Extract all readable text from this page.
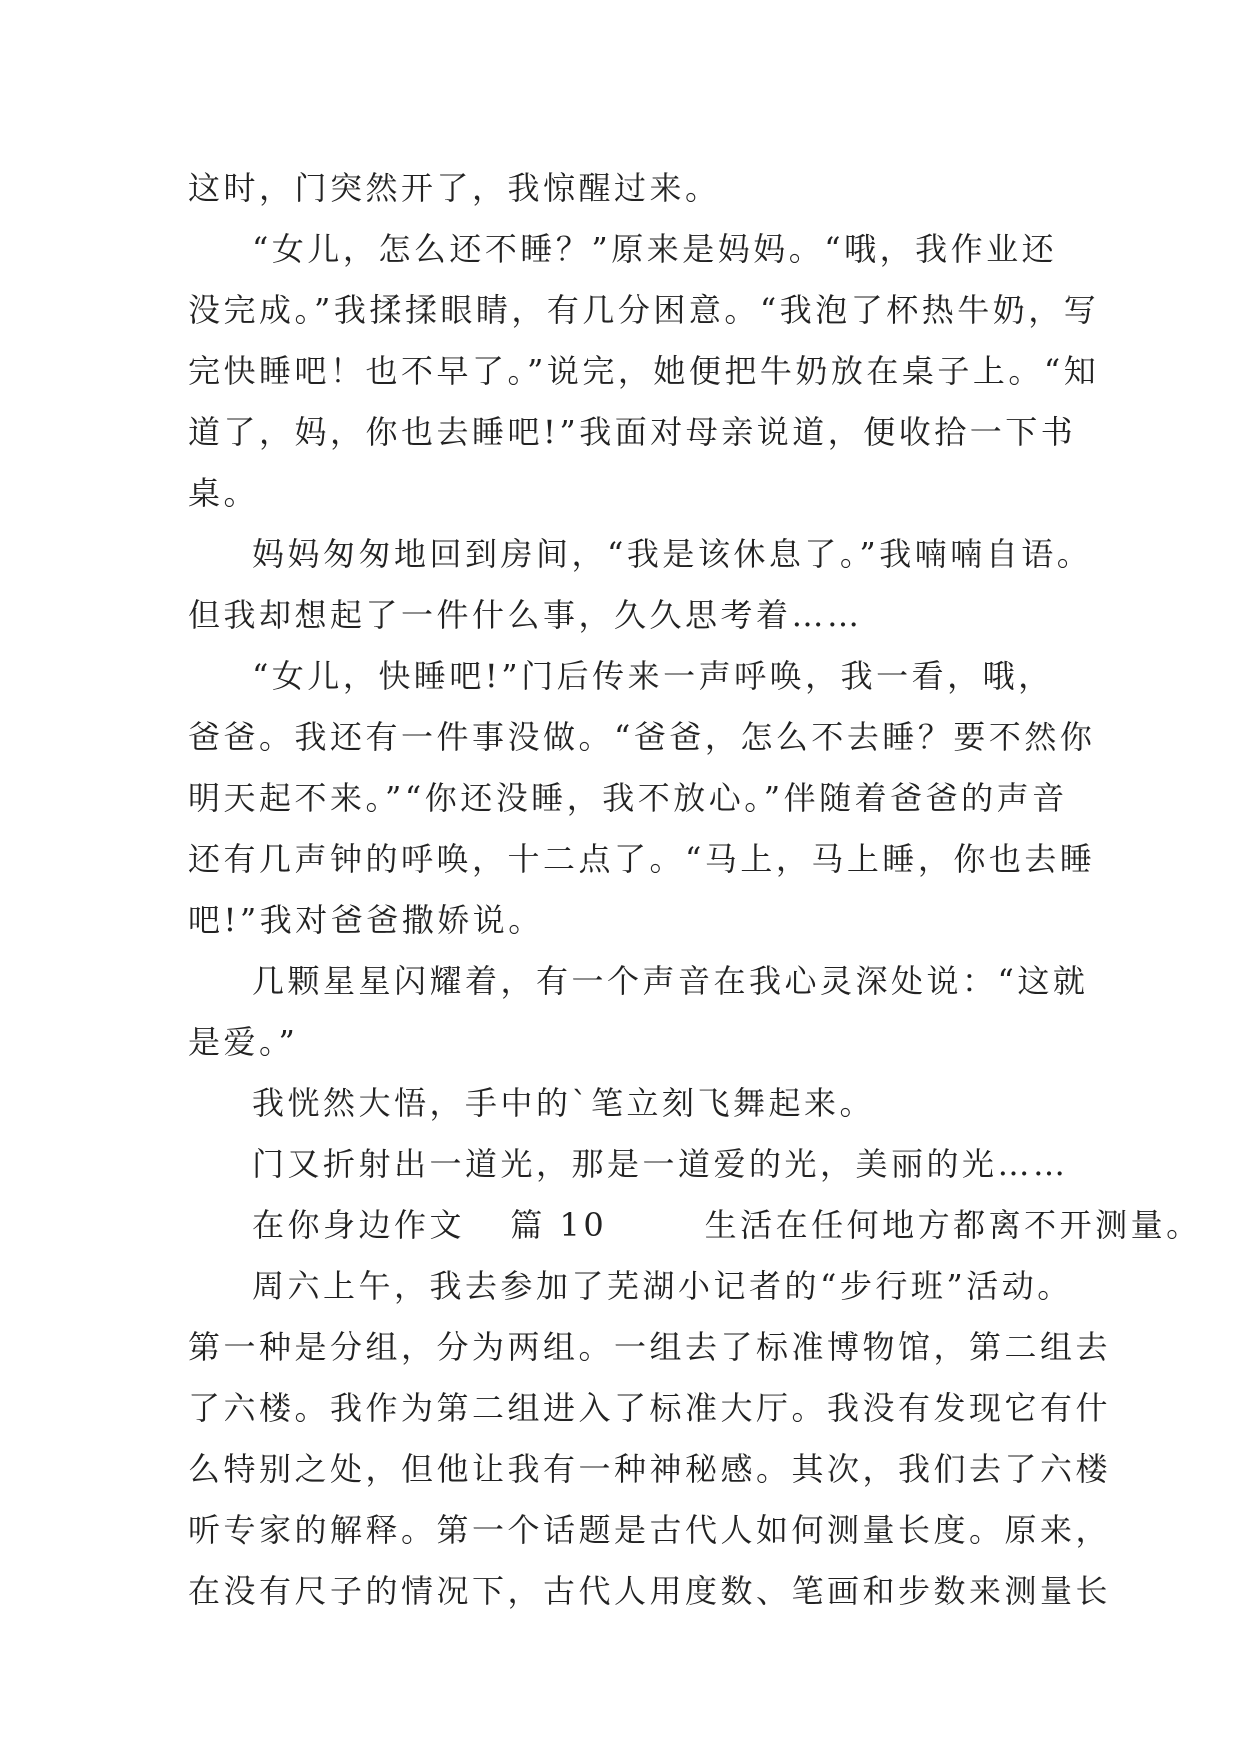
这时，门突然开了，我惊醒过来。
“女儿，怎么还不睡？”原来是妈妈。“哦，我作业还
没完成。”我揉揉眼睛，有几分困意。“我泡了杯热牛奶，写
完快睡吧！也不早了。”说完，她便把牛奶放在桌子上。“知
道了，妈，你也去睡吧!”我面对母亲说道，便收拾一下书
桌。
妈妈匆匆地回到房间，“我是该休息了。”我喃喃自语。
但我却想起了一件什么事，久久思考着……
“女儿，快睡吧!”门后传来一声呼唤，我一看，哦，
爸爸。我还有一件事没做。“爸爸，怎么不去睡？要不然你
明天起不来。”“你还没睡，我不放心。”伴随着爸爸的声音
还有几声钟的呼唤，十二点了。“马上，马上睡，你也去睡
吧!”我对爸爸撒娇说。
几颗星星闪耀着，有一个声音在我心灵深处说：“这就
是爱。”
我恍然大悟，手中的`笔立刻飞舞起来。
门又折射出一道光，那是一道爱的光，美丽的光……
在你身边作文 篇 10	生活在任何地方都离不开测量。
周六上午，我去参加了芜湖小记者的“步行班”活动。
第一种是分组，分为两组。一组去了标准博物馆，第二组去
了六楼。我作为第二组进入了标准大厅。我没有发现它有什
么特别之处，但他让我有一种神秘感。其次，我们去了六楼
听专家的解释。第一个话题是古代人如何测量长度。原来，
在没有尺子的情况下，古代人用度数、笔画和步数来测量长
